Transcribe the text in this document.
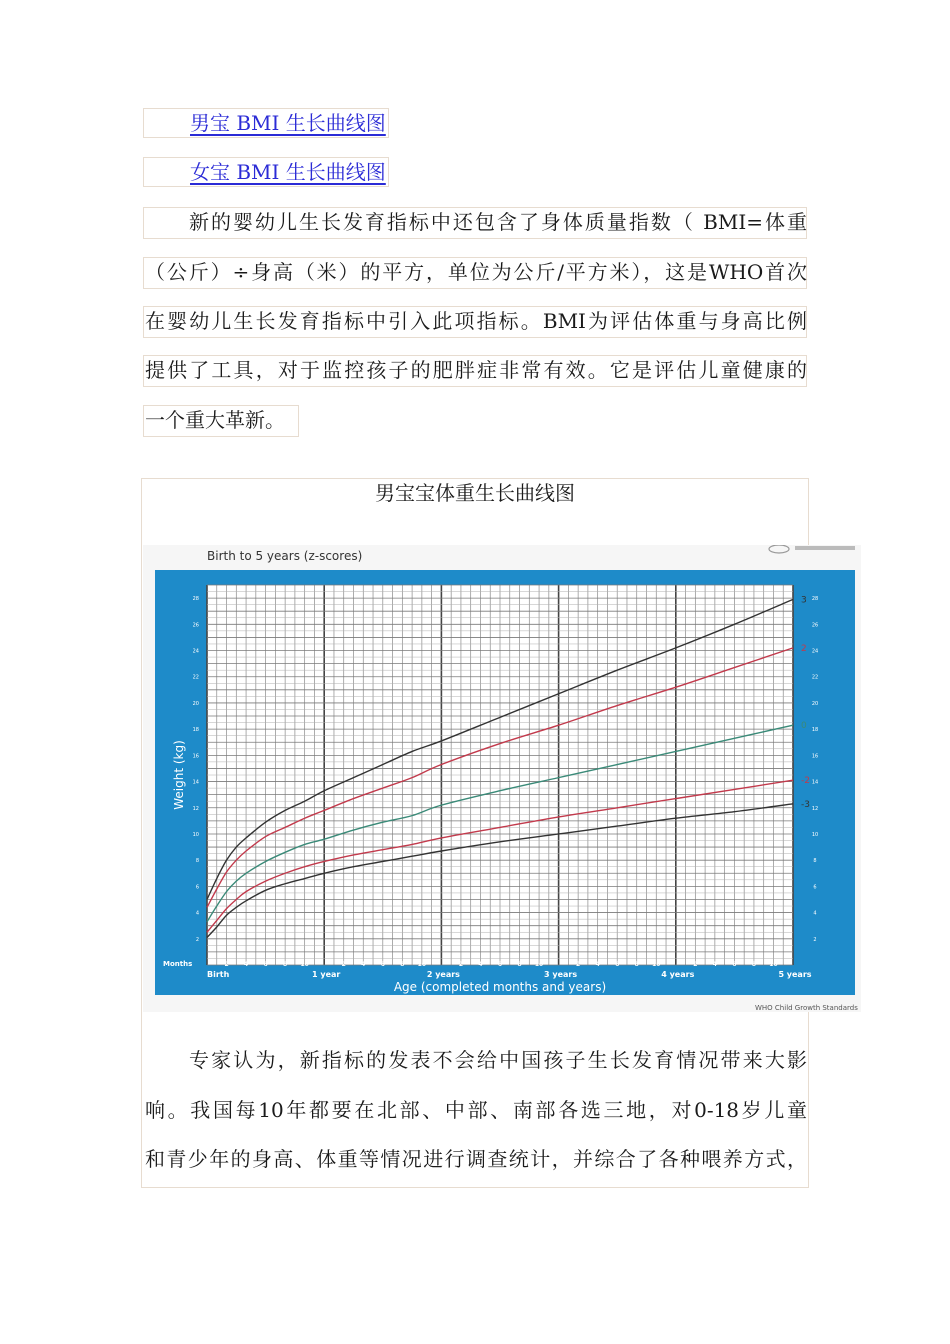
男宝 BMI 生长曲线图
女宝 BMI 生长曲线图
新的婴幼儿生长发育指标中还包含了身体质量指数（ BMI=体重
（公斤）÷身高（米）的平方，单位为公斤/平方米），这是WHO首次
在婴幼儿生长发育指标中引入此项指标。BMI为评估体重与身高比例
提供了工具，对于监控孩子的肥胖症非常有效。它是评估儿童健康的
一个重大革新。
男宝宝体重生长曲线图
Birth to 5 years (z-scores)
3
2
0
-2
-3
2	2
4	4
6	6
8	8
10	10
12	12
14	14
16	16
18	18
20	20
22	22
24	24
26	26
28	28
2	4	6	8 10	2	4	6	8 10	2	4	6	8 10	2	4	6	8 10	2	4	6	8 10
Birth	1 year	2 years	3 years	4 years	5 years
Weight (kg)
Months
Age (completed months and years)
WHO Child Growth Standards
专家认为，新指标的发表不会给中国孩子生长发育情况带来大影
响。我国每10年都要在北部、中部、南部各选三地，对0-18岁儿童
和青少年的身高、体重等情况进行调查统计，并综合了各种喂养方式，
